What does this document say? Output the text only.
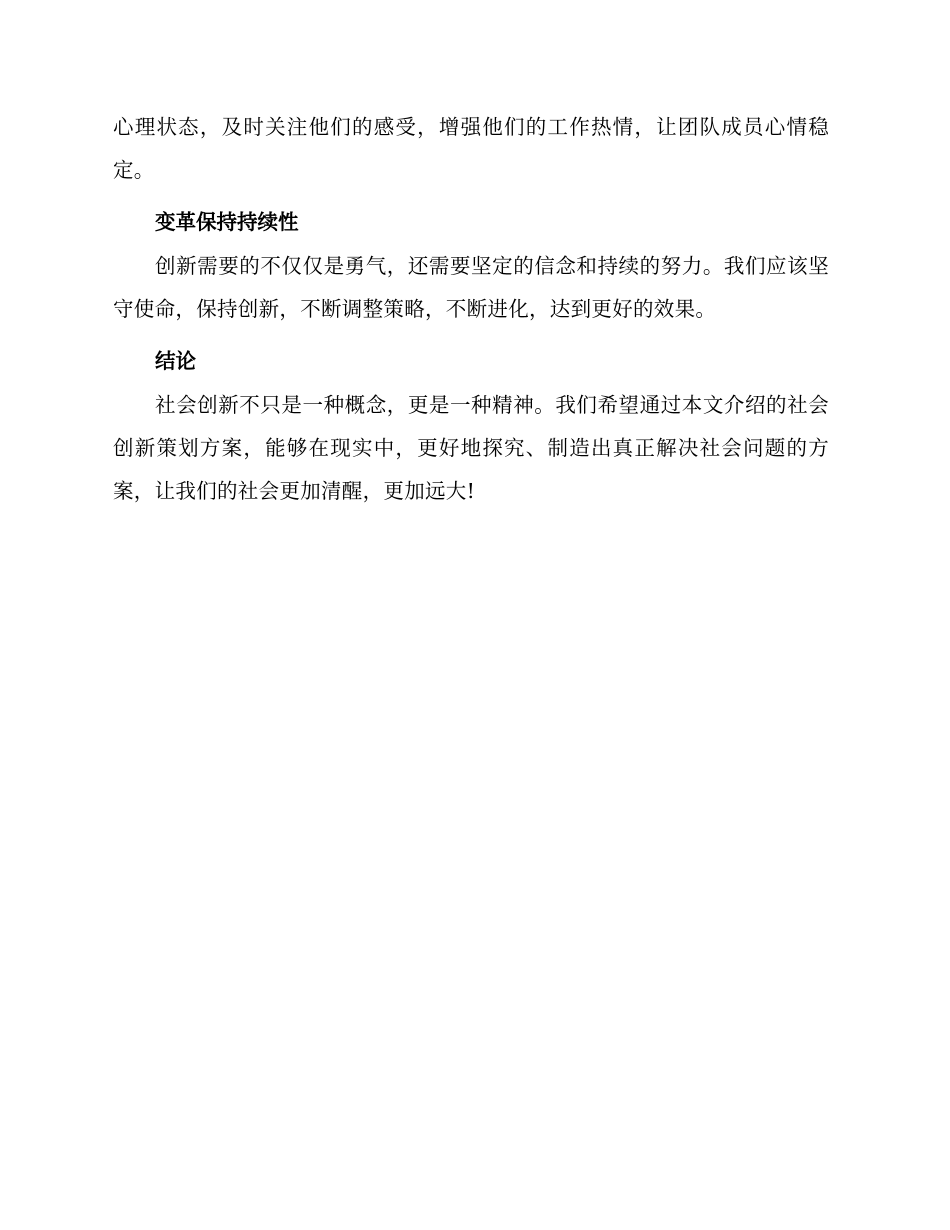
心理状态，及时关注他们的感受，增强他们的工作热情，让团队成员心情稳定。

变革保持持续性

创新需要的不仅仅是勇气，还需要坚定的信念和持续的努力。我们应该坚守使命，保持创新，不断调整策略，不断进化，达到更好的效果。

结论

社会创新不只是一种概念，更是一种精神。我们希望通过本文介绍的社会创新策划方案，能够在现实中，更好地探究、制造出真正解决社会问题的方案，让我们的社会更加清醒，更加远大!
